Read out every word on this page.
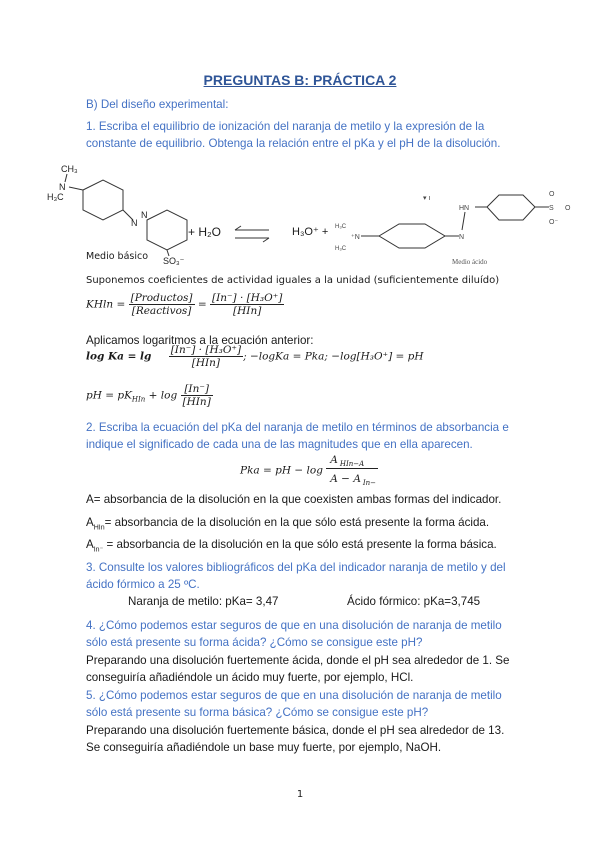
PREGUNTAS B: PRÁCTICA 2
B) Del diseño experimental:
1. Escriba el equilibrio de ionización del naranja de metilo y la expresión de la constante de equilibrio. Obtenga la relación entre el pKa y el pH de la disolución.
CH₃
N
H₃C
N
N
SO₃⁻
H₃C
H₃C
⁺N	N
HN
▾ ı
S
O
O
O⁻
+ H₂O	H₃O⁺ +
Medio básico	Medio ácido
Suponemos coeficientes de actividad iguales a la unidad (suficientemente diluído)
$KHln = \frac{\text{[Productos]}}{\text{[Reactivos]}} = \frac{\text{[In⁻] · [H₃O⁺]}}{\text{[HIn]}}$
Aplicamos logaritmos a la ecuación anterior:
$\log Ka = \lg \frac{\text{[In⁻] · [H₃O⁺]}}{\text{[HIn]}}$ ; −logKa = Pka; −log[H₃O⁺] = pH
pH = $pK_{HIn} + \log \frac{[In^-]}{\text{[HIn]}}$
2. Escriba la ecuación del pKa del naranja de metilo en términos de absorbancia e indique el significado de cada una de las magnitudes que en ella aparecen.
Pka = pH − $\log \frac{A _{HIn-A}}{A - A _{In-}}$
A= absorbancia de la disolución en la que coexisten ambas formas del indicador.
$A_{HIn}=$ absorbancia de la disolución en la que sólo está presente la forma ácida.
$A_{In^-}$ = absorbancia de la disolución en la que sólo está presente la forma básica.
3. Consulte los valores bibliográficos del pKa del indicador naranja de metilo y del ácido fórmico a 25 ºC.
Naranja de metilo: pKa= 3,47	Ácido fórmico: pKa=3,745
4. ¿Cómo podemos estar seguros de que en una disolución de naranja de metilo sólo está presente su forma ácida? ¿Cómo se consigue este pH?
Preparando una disolución fuertemente ácida, donde el pH sea alrededor de 1. Se conseguiría añadiéndole un ácido muy fuerte, por ejemplo, HCl.
5. ¿Cómo podemos estar seguros de que en una disolución de naranja de metilo sólo está presente su forma básica? ¿Cómo se consigue este pH?
Preparando una disolución fuertemente básica, donde el pH sea alrededor de 13. Se conseguiría añadiéndole un base muy fuerte, por ejemplo, NaOH.
1
